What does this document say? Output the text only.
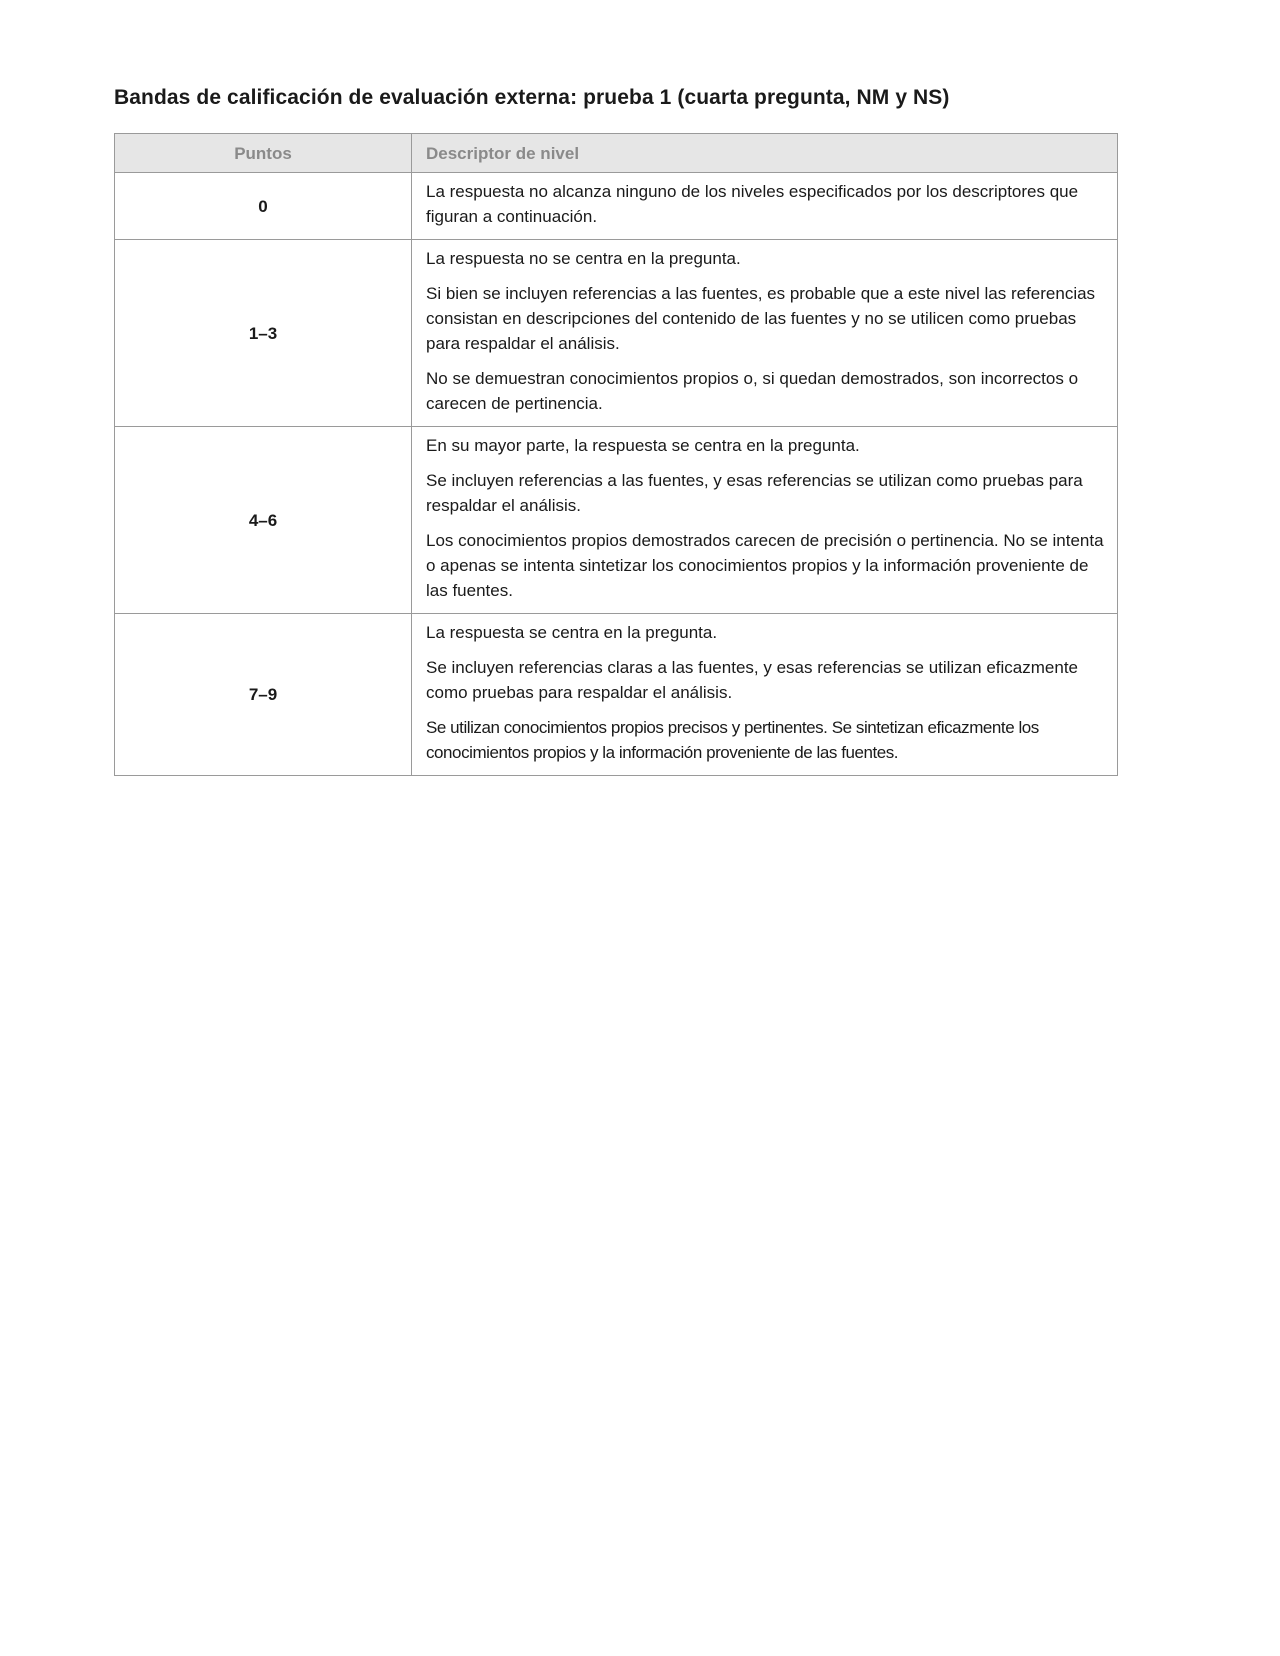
Bandas de calificación de evaluación externa: prueba 1 (cuarta pregunta, NM y NS)
Puntos	Descriptor de nivel
0	La respuesta no alcanza ninguno de los niveles especificados por los descriptores que figuran a continuación.

1–3	La respuesta no se centra en la pregunta.

Si bien se incluyen referencias a las fuentes, es probable que a este nivel las referencias consistan en descripciones del contenido de las fuentes y no se utilicen como pruebas para respaldar el análisis.

No se demuestran conocimientos propios o, si quedan demostrados, son incorrectos o carecen de pertinencia.

4–6	En su mayor parte, la respuesta se centra en la pregunta.

Se incluyen referencias a las fuentes, y esas referencias se utilizan como pruebas para respaldar el análisis.

Los conocimientos propios demostrados carecen de precisión o pertinencia. No se intenta o apenas se intenta sintetizar los conocimientos propios y la información proveniente de las fuentes.

7–9	La respuesta se centra en la pregunta.

Se incluyen referencias claras a las fuentes, y esas referencias se utilizan eficazmente como pruebas para respaldar el análisis.

Se utilizan conocimientos propios precisos y pertinentes. Se sintetizan eficazmente los conocimientos propios y la información proveniente de las fuentes.
